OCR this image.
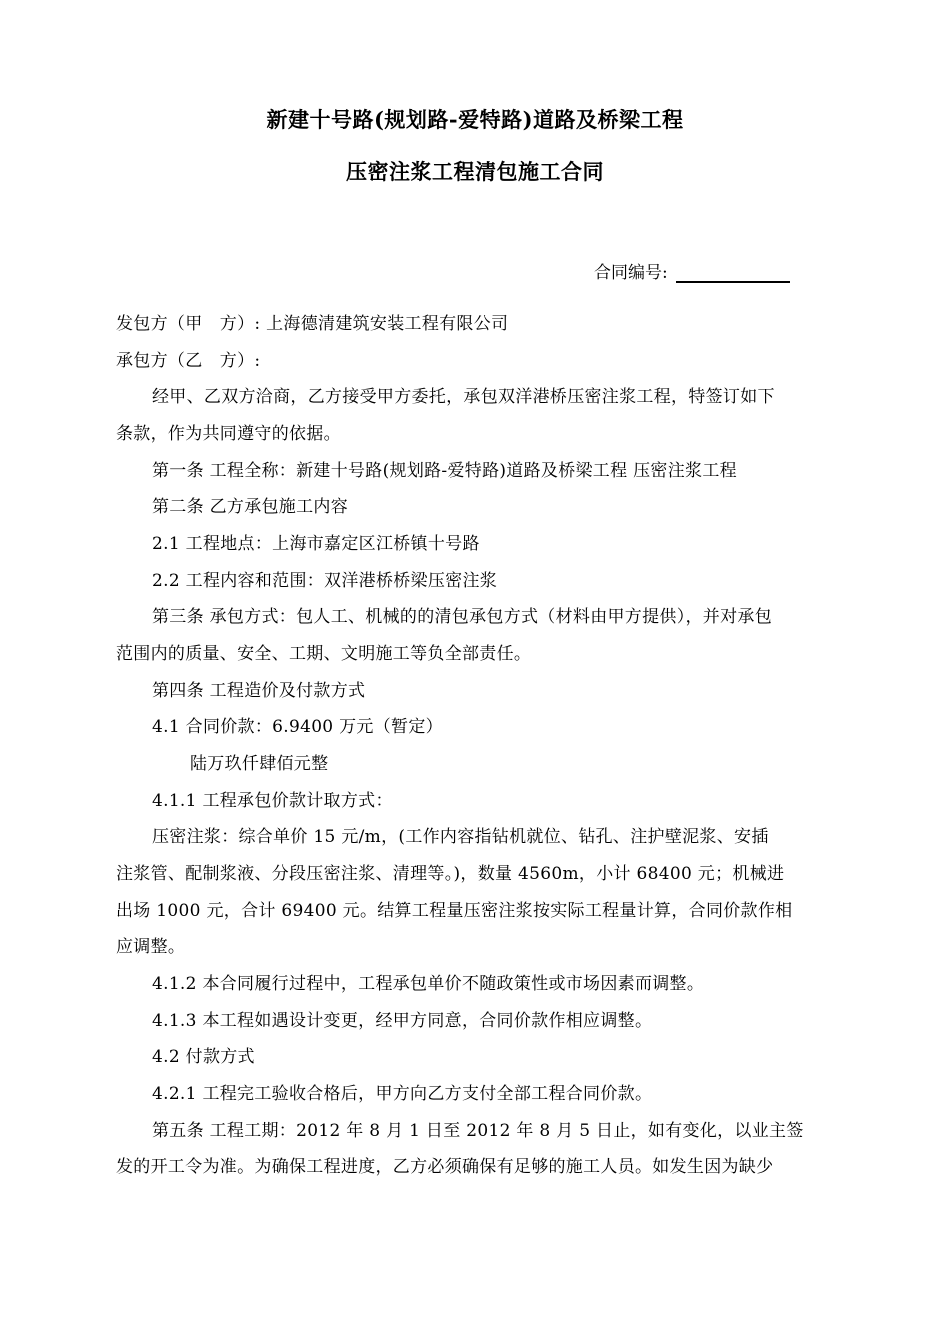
新建十号路(规划路-爱特路)道路及桥梁工程
压密注浆工程清包施工合同
合同编号:
发包方（甲　方）: 上海德清建筑安装工程有限公司
承包方（乙　方）:
经甲、乙双方洽商，乙方接受甲方委托，承包双洋港桥压密注浆工程，特签订如下
条款，作为共同遵守的依据。
第一条 工程全称：新建十号路(规划路-爱特路)道路及桥梁工程 压密注浆工程
第二条 乙方承包施工内容
2.1 工程地点：上海市嘉定区江桥镇十号路
2.2 工程内容和范围：双洋港桥桥梁压密注浆
第三条 承包方式：包人工、机械的的清包承包方式（材料由甲方提供），并对承包
范围内的质量、安全、工期、文明施工等负全部责任。
第四条 工程造价及付款方式
4.1 合同价款：6.9400 万元（暂定）
陆万玖仟肆佰元整
4.1.1 工程承包价款计取方式：
压密注浆：综合单价 15 元/m，(工作内容指钻机就位、钻孔、注护壁泥浆、安插
注浆管、配制浆液、分段压密注浆、清理等。)，数量 4560m，小计 68400 元；机械进
出场 1000 元，合计 69400 元。结算工程量压密注浆按实际工程量计算，合同价款作相
应调整。
4.1.2 本合同履行过程中，工程承包单价不随政策性或市场因素而调整。
4.1.3 本工程如遇设计变更，经甲方同意，合同价款作相应调整。
4.2 付款方式
4.2.1 工程完工验收合格后，甲方向乙方支付全部工程合同价款。
第五条 工程工期：2012 年 8 月 1 日至 2012 年 8 月 5 日止，如有变化，以业主签
发的开工令为准。为确保工程进度，乙方必须确保有足够的施工人员。如发生因为缺少
